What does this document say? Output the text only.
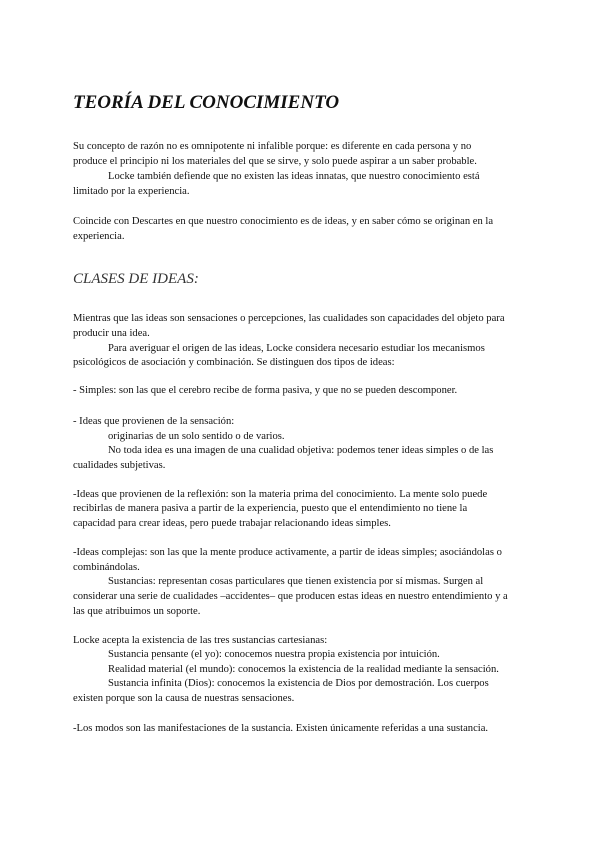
TEORÍA DEL CONOCIMIENTO

Su concepto de razón no es omnipotente ni infalible porque: es diferente en cada persona y no

produce el principio ni los materiales del que se sirve, y solo puede aspirar a un saber probable.

Locke también defiende que no existen las ideas innatas, que nuestro conocimiento está

limitado por la experiencia.

Coincide con Descartes en que nuestro conocimiento es de ideas, y en saber cómo se originan en la

experiencia.

CLASES DE IDEAS:

Mientras que las ideas son sensaciones o percepciones, las cualidades son capacidades del objeto para

producir una idea.

Para averiguar el origen de las ideas, Locke considera necesario estudiar los mecanismos

psicológicos de asociación y combinación. Se distinguen dos tipos de ideas:

- Simples: son las que el cerebro recibe de forma pasiva, y que no se pueden descomponer.

- Ideas que provienen de la sensación:

originarias de un solo sentido o de varios.

No toda idea es una imagen de una cualidad objetiva: podemos tener ideas simples o de las

cualidades subjetivas.

-Ideas que provienen de la reflexión: son la materia prima del conocimiento. La mente solo puede

recibirlas de manera pasiva a partir de la experiencia, puesto que el entendimiento no tiene la

capacidad para crear ideas, pero puede trabajar relacionando ideas simples.

-Ideas complejas: son las que la mente produce activamente, a partir de ideas simples; asociándolas o

combinándolas.

Sustancias: representan cosas particulares que tienen existencia por sí mismas. Surgen al

considerar una serie de cualidades –accidentes– que producen estas ideas en nuestro entendimiento y a

las que atribuimos un soporte.

Locke acepta la existencia de las tres sustancias cartesianas:

Sustancia pensante (el yo): conocemos nuestra propia existencia por intuición.

Realidad material (el mundo): conocemos la existencia de la realidad mediante la sensación.

Sustancia infinita (Dios): conocemos la existencia de Dios por demostración. Los cuerpos

existen porque son la causa de nuestras sensaciones.

-Los modos son las manifestaciones de la sustancia. Existen únicamente referidas a una sustancia.
